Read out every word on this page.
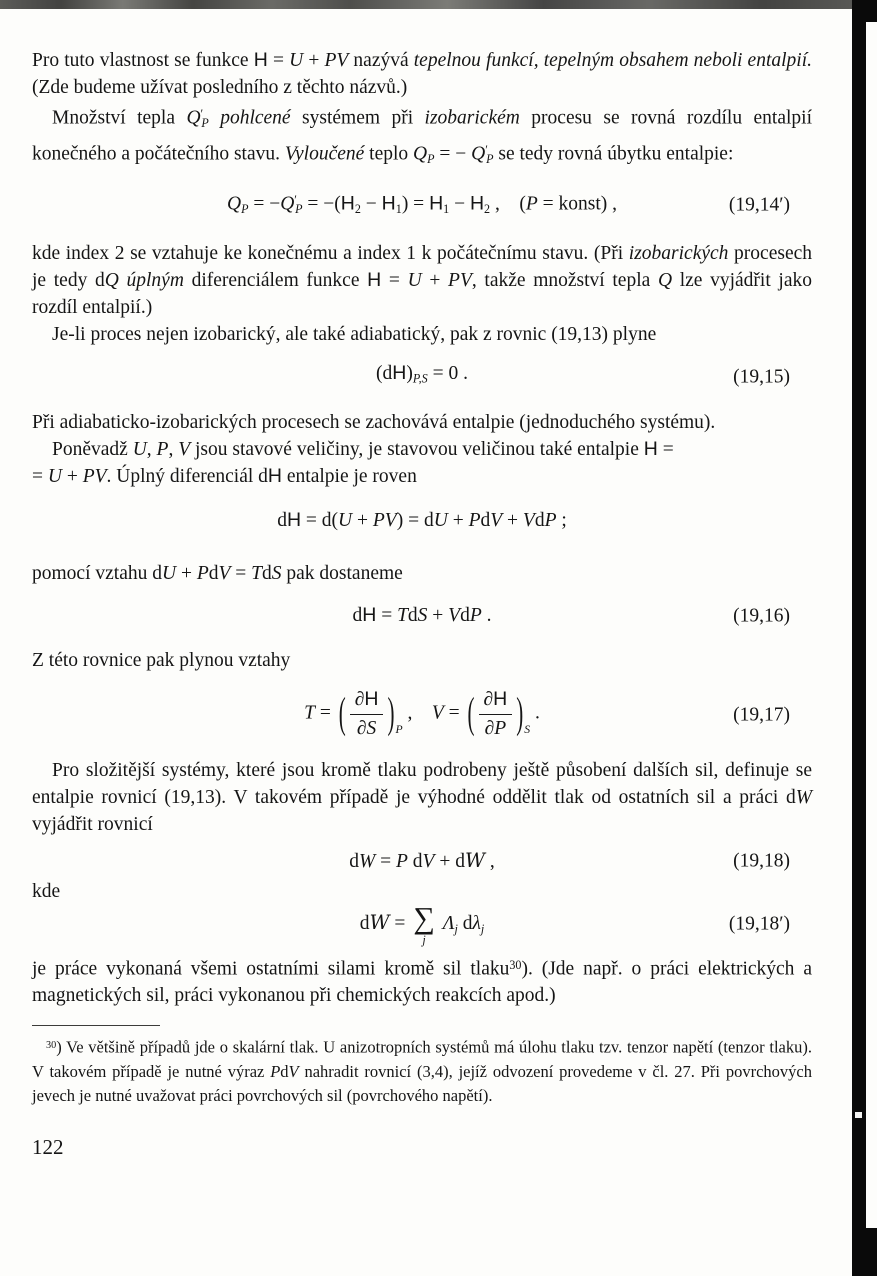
Pro tuto vlastnost se funkce H = U + PV nazývá tepelnou funkcí, tepelným obsahem neboli entalpií. (Zde budeme užívat posledního z těchto názvů.)

Množství tepla $Q'_P$ pohlcené systémem při izobarickém procesu se rovná rozdílu entalpií konečného a počátečního stavu. Vyloučené teplo $Q_P$ = − $Q'_P$ se tedy rovná úbytku entalpie:

$Q_P = -Q'_P = -(H_2 - H_1) = H_1 - H_2$ ,  (P = konst) ,	(19,14′)

kde index 2 se vztahuje ke konečnému a index 1 k počátečnímu stavu. (Při izobarických procesech je tedy dQ úplným diferenciálem funkce H = U + PV, takže množství tepla Q lze vyjádřit jako rozdíl entalpií.)

Je-li proces nejen izobarický, ale také adiabatický, pak z rovnic (19,13) plyne

$(dH)_{P,S} = 0$ .	(19,15)

Při adiabaticko-izobarických procesech se zachovává entalpie (jednoduchého systému).

Poněvadž U, P, V jsou stavové veličiny, je stavovou veličinou také entalpie H =
= U + PV. Úplný diferenciál dH entalpie je roven

dH = d(U + PV) = dU + PdV + VdP ;

pomocí vztahu dU + PdV = TdS pak dostaneme

dH = TdS + VdP .	(19,16)

Z této rovnice pak plynou vztahy

T = ( $\frac{\partial H}{\partial S} )_P$ , V = ( $\frac{\partial H}{\partial P} )_S$ .	(19,17)

Pro složitější systémy, které jsou kromě tlaku podrobeny ještě působení dalších sil, definuje se entalpie rovnicí (19,13). V takovém případě je výhodné oddělit tlak od ostatních sil a práci dW vyjádřit rovnicí

dW = P dV + dW ,	(19,18)

kde

dW = ∑
j
$\Lambda_j$ $d\lambda_j$	(19,18′)

je práce vykonaná všemi ostatními silami kromě sil tlaku$^{30}$). (Jde např. o práci elektrických a magnetických sil, práci vykonanou při chemických reakcích apod.)

$^{30}$) Ve většině případů jde o skalární tlak. U anizotropních systémů má úlohu tlaku tzv. tenzor napětí (tenzor tlaku). V takovém případě je nutné výraz PdV nahradit rovnicí (3,4), jejíž odvození provedeme v čl. 27. Při povrchových jevech je nutné uvažovat práci povrchových sil (povrchového napětí).

122
